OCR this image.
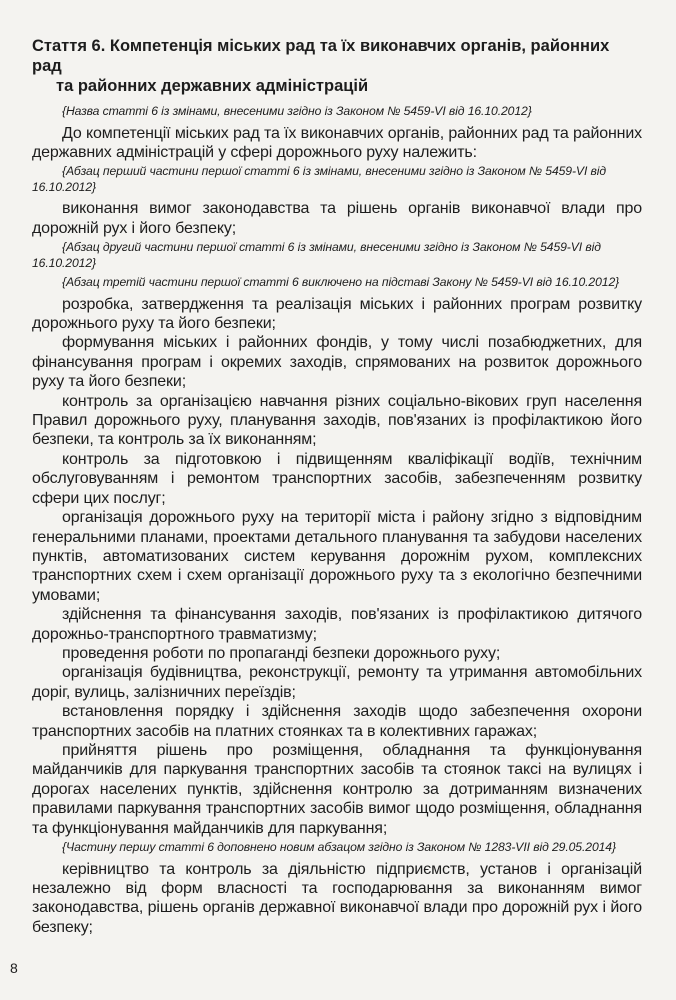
Стаття 6. Компетенція міських рад та їх виконавчих органів, районних рад
та районних державних адміністрацій

{Назва статті 6 із змінами, внесеними згідно із Законом № 5459-VI від 16.10.2012}

До компетенції міських рад та їх виконавчих органів, районних рад та районних державних адміністрацій у сфері дорожнього руху належить:

{Абзац перший частини першої статті 6 із змінами, внесеними згідно із Законом № 5459-VI від 16.10.2012}

виконання вимог законодавства та рішень органів виконавчої влади про дорожній рух і його безпеку;

{Абзац другий частини першої статті 6 із змінами, внесеними згідно із Законом № 5459-VI від 16.10.2012}

{Абзац третій частини першої статті 6 виключено на підставі Закону № 5459-VI від 16.10.2012}

розробка, затвердження та реалізація міських і районних програм розвитку дорожнього руху та його безпеки;

формування міських і районних фондів, у тому числі позабюджетних, для фінансування програм і окремих заходів, спрямованих на розвиток дорожнього руху та його безпеки;

контроль за організацією навчання різних соціально-вікових груп населення Правил дорожнього руху, планування заходів, пов'язаних із профілактикою його безпеки, та контроль за їх виконанням;

контроль за підготовкою і підвищенням кваліфікації водіїв, технічним обслуговуванням і ремонтом транспортних засобів, забезпеченням розвитку сфери цих послуг;

організація дорожнього руху на території міста і району згідно з відповідним генеральними планами, проектами детального планування та забудови населених пунктів, автоматизованих систем керування дорожнім рухом, комплексних транспортних схем і схем організації дорожнього руху та з екологічно безпечними умовами;

здійснення та фінансування заходів, пов'язаних із профілактикою дитячого дорожньо-транспортного травматизму;

проведення роботи по пропаганді безпеки дорожнього руху;

організація будівництва, реконструкції, ремонту та утримання автомобільних доріг, вулиць, залізничних переїздів;

встановлення порядку і здійснення заходів щодо забезпечення охорони транспортних засобів на платних стоянках та в колективних гаражах;

прийняття рішень про розміщення, обладнання та функціонування майданчиків для паркування транспортних засобів та стоянок таксі на вулицях і дорогах населених пунктів, здійснення контролю за дотриманням визначених правилами паркування транспортних засобів вимог щодо розміщення, обладнання та функціонування майданчиків для паркування;

{Частину першу статті 6 доповнено новим абзацом згідно із Законом № 1283-VII від 29.05.2014}

керівництво та контроль за діяльністю підприємств, установ і організацій незалежно від форм власності та господарювання за виконанням вимог законодавства, рішень органів державної виконавчої влади про дорожній рух і його безпеку;

8
